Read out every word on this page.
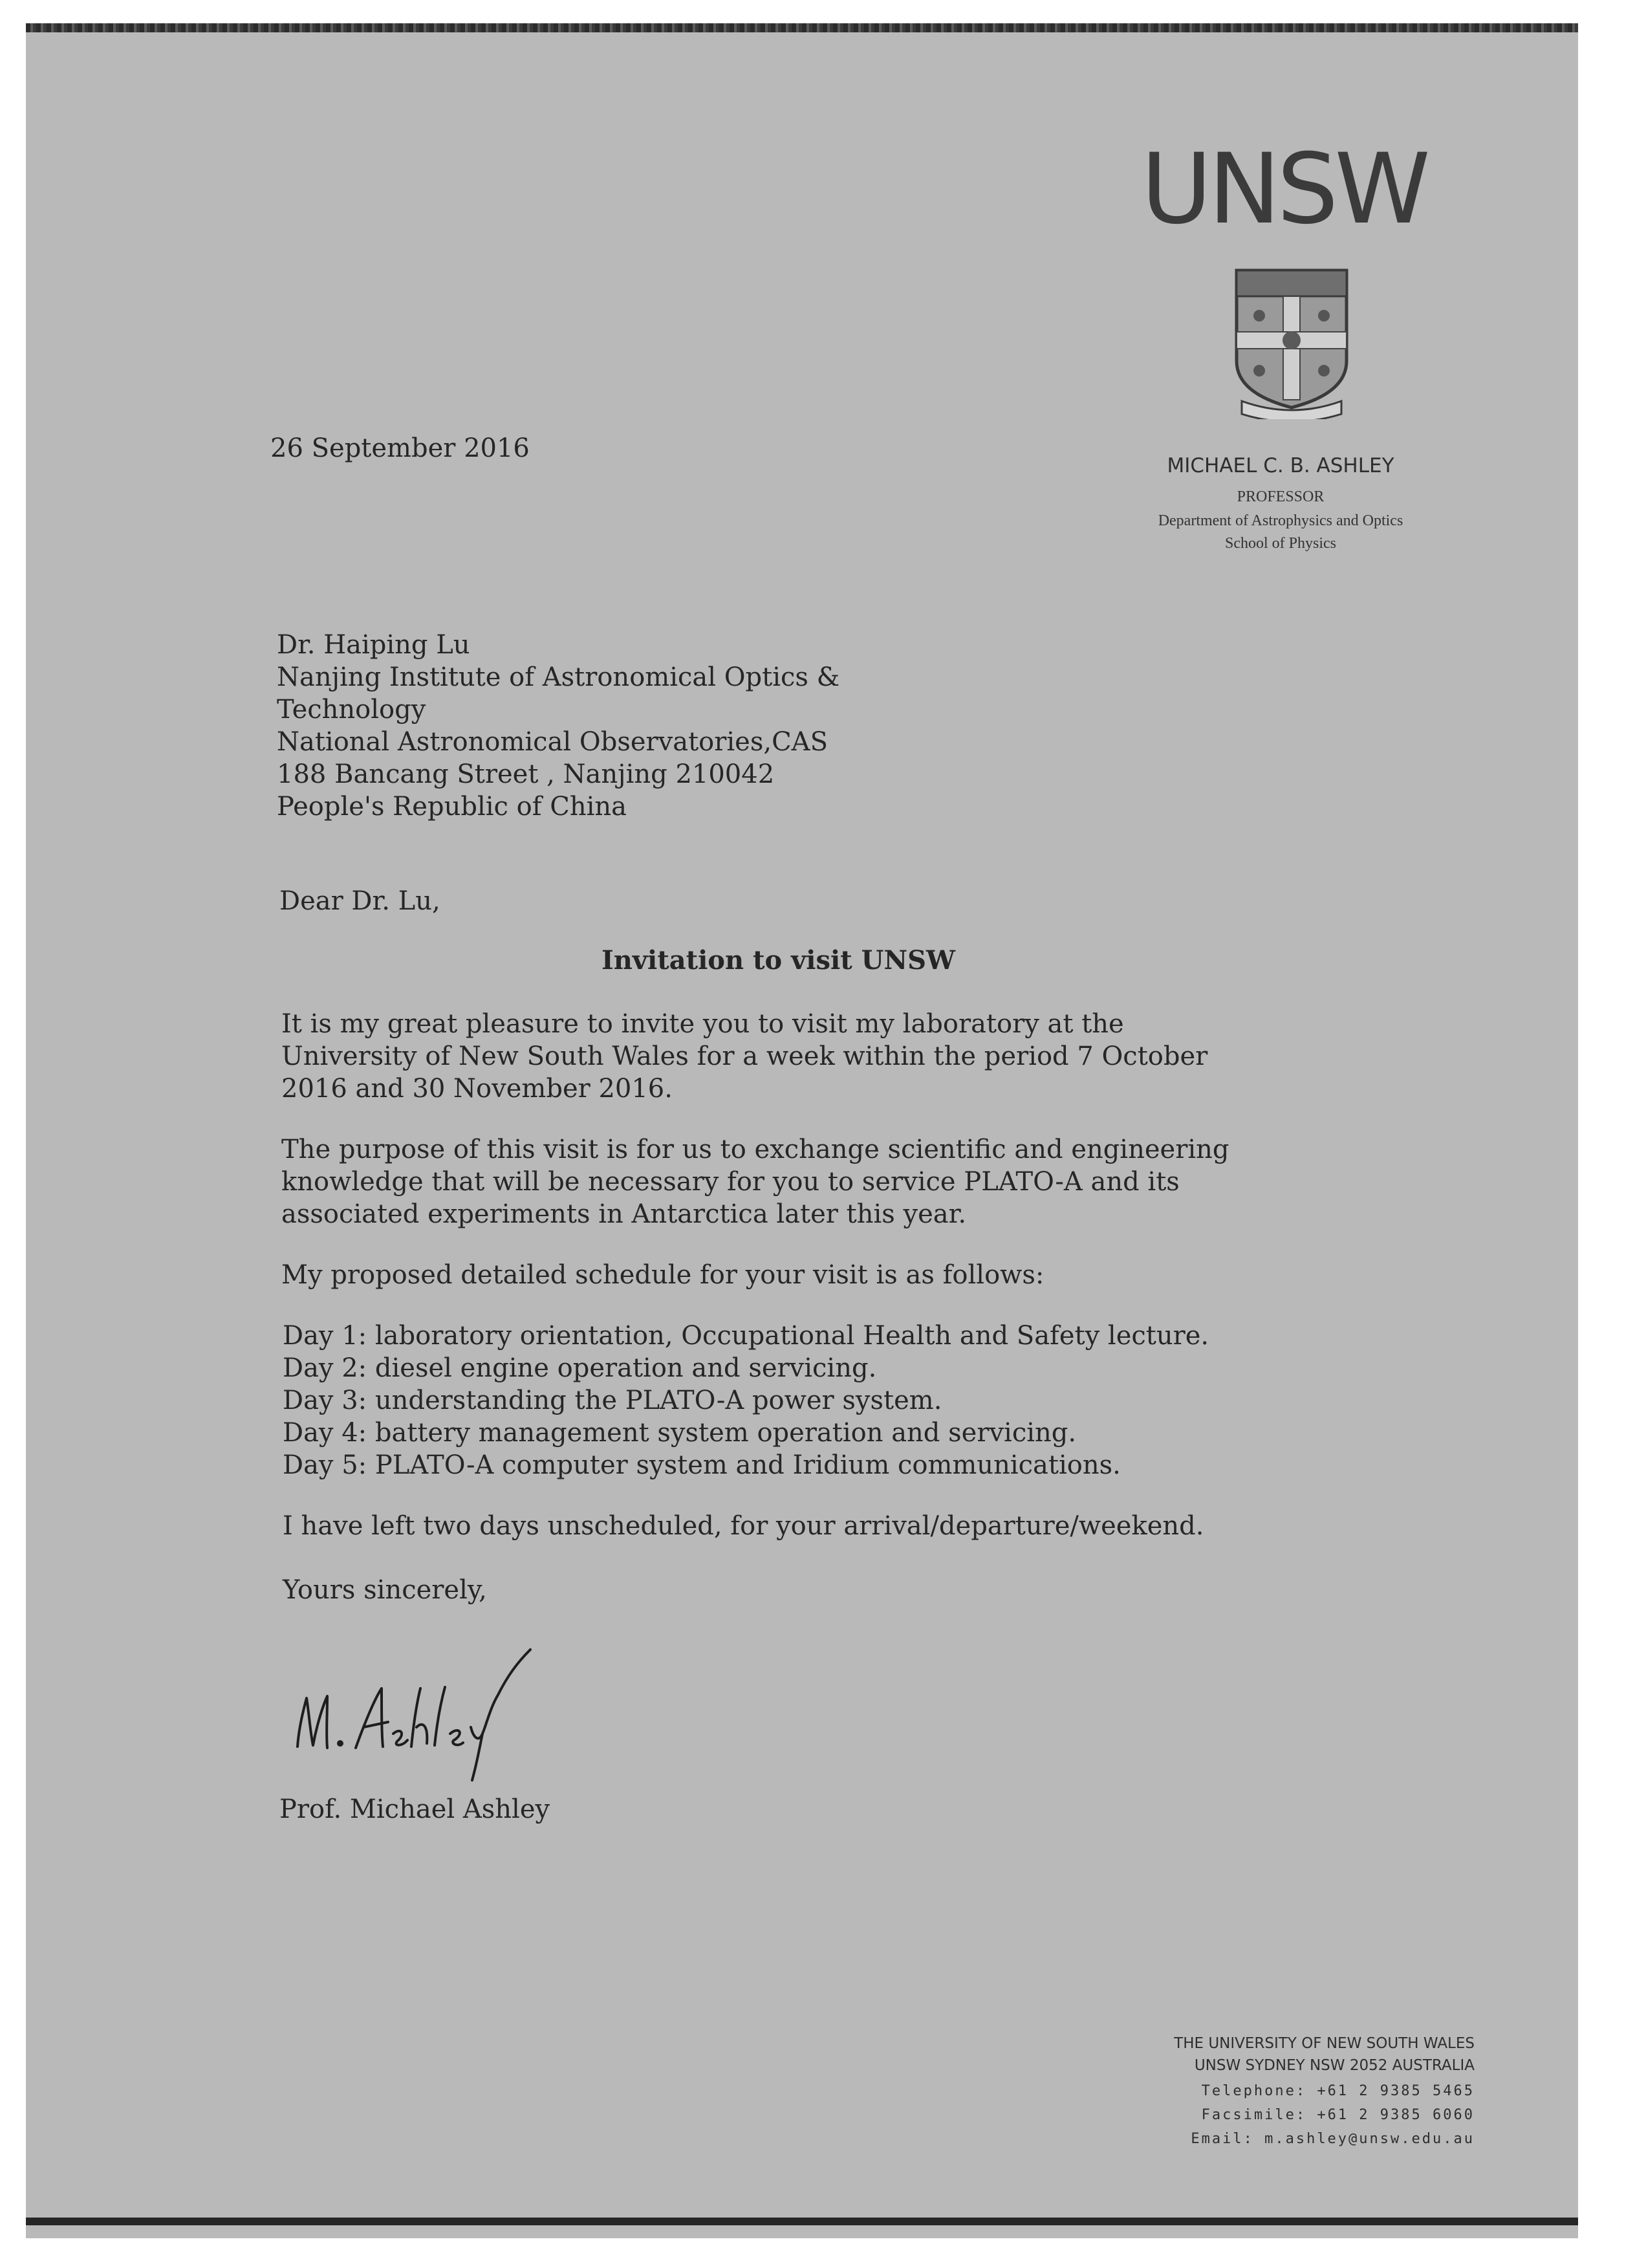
UNSW
MICHAEL C. B. ASHLEY
PROFESSOR
Department of Astrophysics and Optics
School of Physics
26 September 2016
Dr. Haiping Lu
Nanjing Institute of Astronomical Optics &
Technology
National Astronomical Observatories,CAS
188 Bancang Street , Nanjing 210042
People's Republic of China
Dear Dr. Lu,
Invitation to visit UNSW
It is my great pleasure to invite you to visit my laboratory at the
University of New South Wales for a week within the period 7 October
2016 and 30 November 2016.
The purpose of this visit is for us to exchange scientific and engineering
knowledge that will be necessary for you to service PLATO-A and its
associated experiments in Antarctica later this year.
My proposed detailed schedule for your visit is as follows:
Day 1: laboratory orientation, Occupational Health and Safety lecture.
Day 2: diesel engine operation and servicing.
Day 3: understanding the PLATO-A power system.
Day 4: battery management system operation and servicing.
Day 5: PLATO-A computer system and Iridium communications.
I have left two days unscheduled, for your arrival/departure/weekend.
Yours sincerely,
Prof. Michael Ashley
THE UNIVERSITY OF NEW SOUTH WALES
UNSW SYDNEY NSW 2052 AUSTRALIA
Telephone: +61 2 9385 5465
Facsimile: +61 2 9385 6060
Email: m.ashley@unsw.edu.au
